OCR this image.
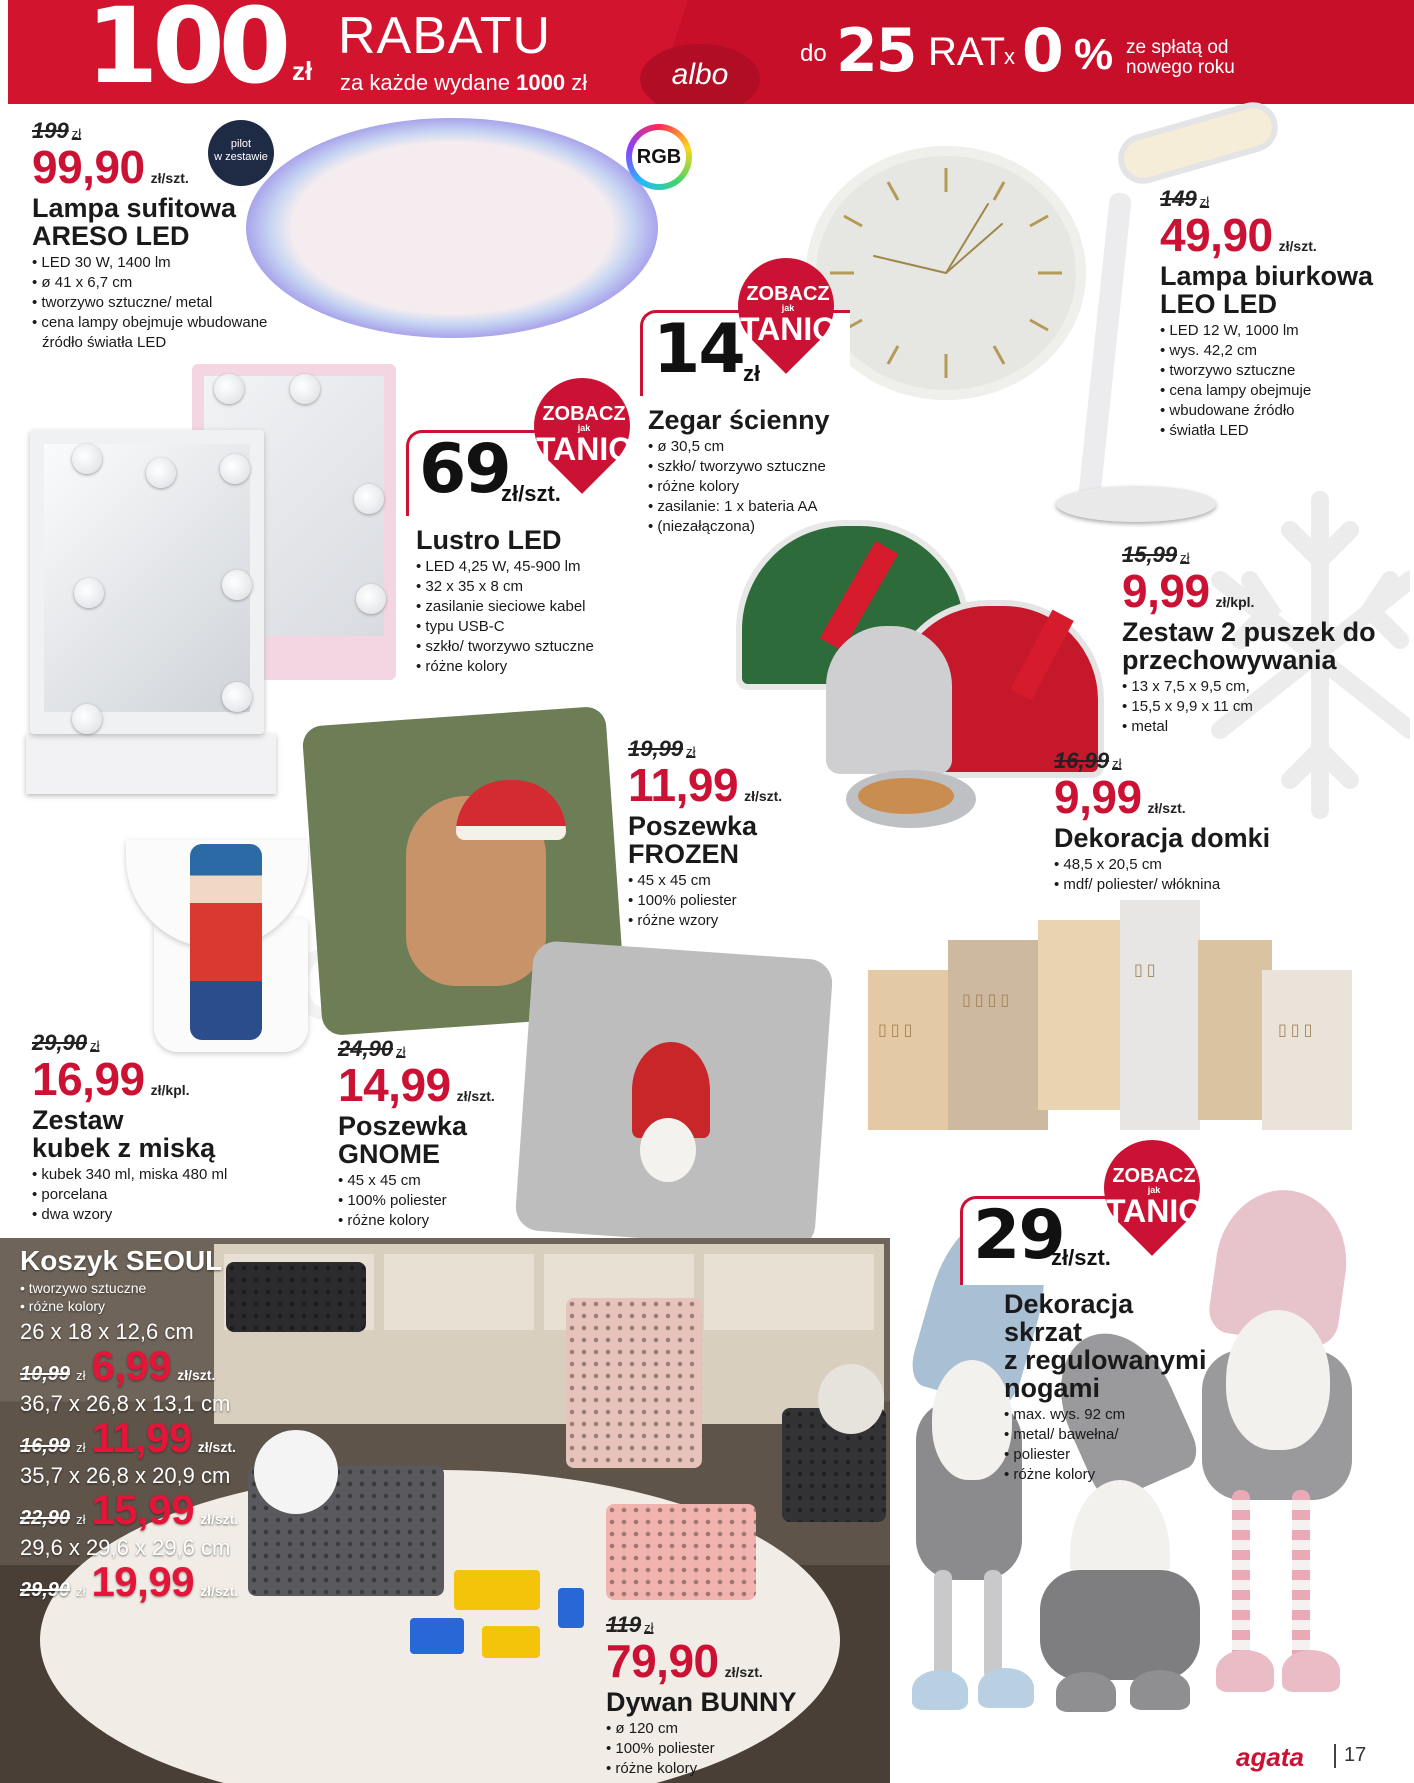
100 zł
RABATU
za każde wydane 1000 zł	albo
do 25 RAT
x 0 % ze spłatą od
nowego roku
pilot
w zestawie	RGB
▯▯▯
▯▯▯▯
▯▯
▯▯▯
199 zł
99,90 zł/szt.
Lampa sufitowa
ARESO LED
• LED 30 W, 1400 lm
• ø 41 x 6,7 cm
• tworzywo sztuczne/ metal
• cena lampy obejmuje wbudowane
źródło światła LED	14 zł
ZOBACZ
jak
TANIO
Zegar ścienny
• ø 30,5 cm
• szkło/ tworzywo sztuczne
• różne kolory
• zasilanie: 1 x bateria AA
• (niezałączona)
149 zł
49,90 zł/szt.
Lampa biurkowa
LEO LED
• LED 12 W, 1000 lm
• wys. 42,2 cm
• tworzywo sztuczne
• cena lampy obejmuje
• wbudowane źródło
• światła LED
69
zł/szt.
ZOBACZ
jak
TANIO
Lustro LED
• LED 4,25 W, 45-900 lm
• 32 x 35 x 8 cm
• zasilanie sieciowe kabel
• typu USB-C
• szkło/ tworzywo sztuczne
• różne kolory
15,99 zł
9,99 zł/kpl.
Zestaw 2 puszek do
przechowywania
• 13 x 7,5 x 9,5 cm,
• 15,5 x 9,9 x 11 cm
• metal
19,99 zł
11,99 zł/szt.
Poszewka
FROZEN
• 45 x 45 cm
• 100% poliester
• różne wzory
16,99 zł
9,99 zł/szt.
Dekoracja domki
• 48,5 x 20,5 cm
• mdf/ poliester/ włóknina
29,90 zł
16,99 zł/kpl.
Zestaw
kubek z miską
• kubek 340 ml, miska 480 ml
• porcelana
• dwa wzory
24,90 zł
14,99 zł/szt.
Poszewka
GNOME
• 45 x 45 cm
• 100% poliester
• różne kolory	29
zł/szt.
ZOBACZ
jak
TANIO
Dekoracja
skrzat
z regulowanymi
nogami
• max. wys. 92 cm
• metal/ bawełna/
• poliester
• różne kolory
Koszyk SEOUL
• tworzywo sztuczne
• różne kolory
26 x 18 x 12,6 cm
10,99 zł 6,99 zł/szt.
36,7 x 26,8 x 13,1 cm
16,99 zł 11,99 zł/szt.
35,7 x 26,8 x 20,9 cm
22,90 zł 15,99 zł/szt.
29,6 x 29,6 x 29,6 cm
29,90 zł 19,99 zł/szt.
119 zł
79,90 zł/szt.
Dywan BUNNY
• ø 120 cm
• 100% poliester
• różne kolory	agata 17
